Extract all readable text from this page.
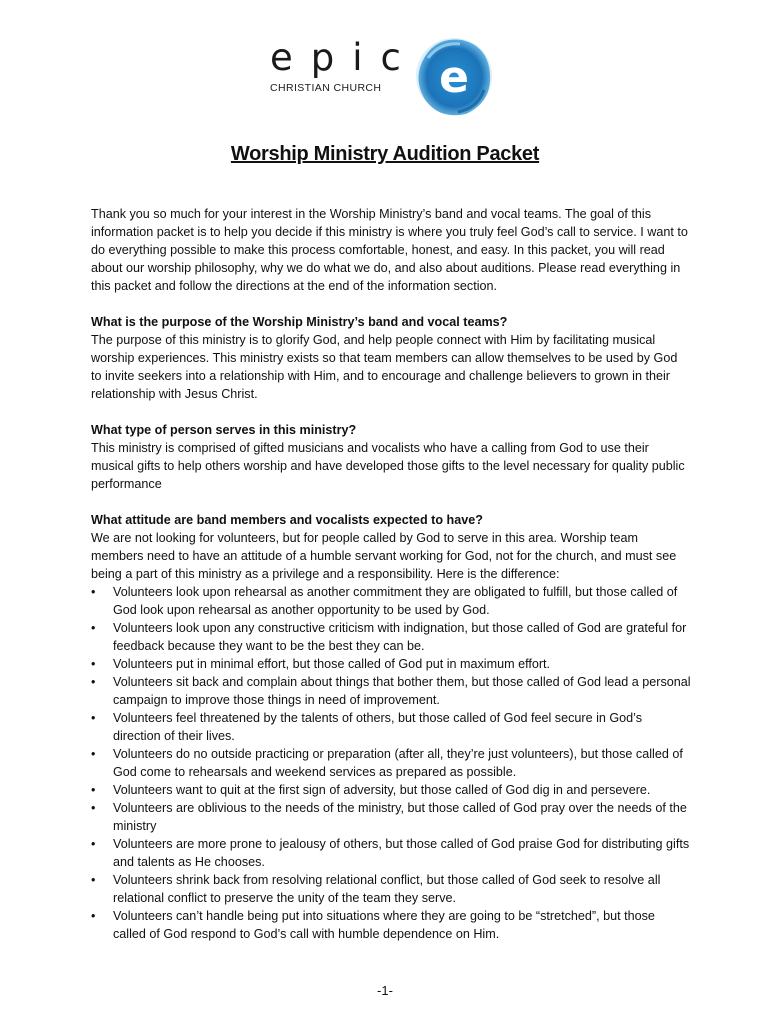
epic
CHRISTIAN CHURCH e
Worship Ministry Audition Packet

Thank you so much for your interest in the Worship Ministry’s band and vocal teams. The goal of this information packet is to help you decide if this ministry is where you truly feel God’s call to service. I want to do everything possible to make this process comfortable, honest, and easy. In this packet, you will read about our worship philosophy, why we do what we do, and also about auditions. Please read everything in this packet and follow the directions at the end of the information section.

What is the purpose of the Worship Ministry’s band and vocal teams?

The purpose of this ministry is to glorify God, and help people connect with Him by facilitating musical worship experiences. This ministry exists so that team members can allow themselves to be used by God to invite seekers into a relationship with Him, and to encourage and challenge believers to grown in their relationship with Jesus Christ.

What type of person serves in this ministry?

This ministry is comprised of gifted musicians and vocalists who have a calling from God to use their musical gifts to help others worship and have developed those gifts to the level necessary for quality public performance

What attitude are band members and vocalists expected to have?

We are not looking for volunteers, but for people called by God to serve in this area. Worship team members need to have an attitude of a humble servant working for God, not for the church, and must see being a part of this ministry as a privilege and a responsibility. Here is the difference:

• Volunteers look upon rehearsal as another commitment they are obligated to fulfill, but those called of God look upon rehearsal as another opportunity to be used by God.
• Volunteers look upon any constructive criticism with indignation, but those called of God are grateful for feedback because they want to be the best they can be.
• Volunteers put in minimal effort, but those called of God put in maximum effort.
• Volunteers sit back and complain about things that bother them, but those called of God lead a personal campaign to improve those things in need of improvement.
• Volunteers feel threatened by the talents of others, but those called of God feel secure in God’s direction of their lives.
• Volunteers do no outside practicing or preparation (after all, they’re just volunteers), but those called of God come to rehearsals and weekend services as prepared as possible.
• Volunteers want to quit at the first sign of adversity, but those called of God dig in and persevere.
• Volunteers are oblivious to the needs of the ministry, but those called of God pray over the needs of the ministry
• Volunteers are more prone to jealousy of others, but those called of God praise God for distributing gifts and talents as He chooses.
• Volunteers shrink back from resolving relational conflict, but those called of God seek to resolve all relational conflict to preserve the unity of the team they serve.
• Volunteers can’t handle being put into situations where they are going to be “stretched”, but those called of God respond to God’s call with humble dependence on Him.
-1-
